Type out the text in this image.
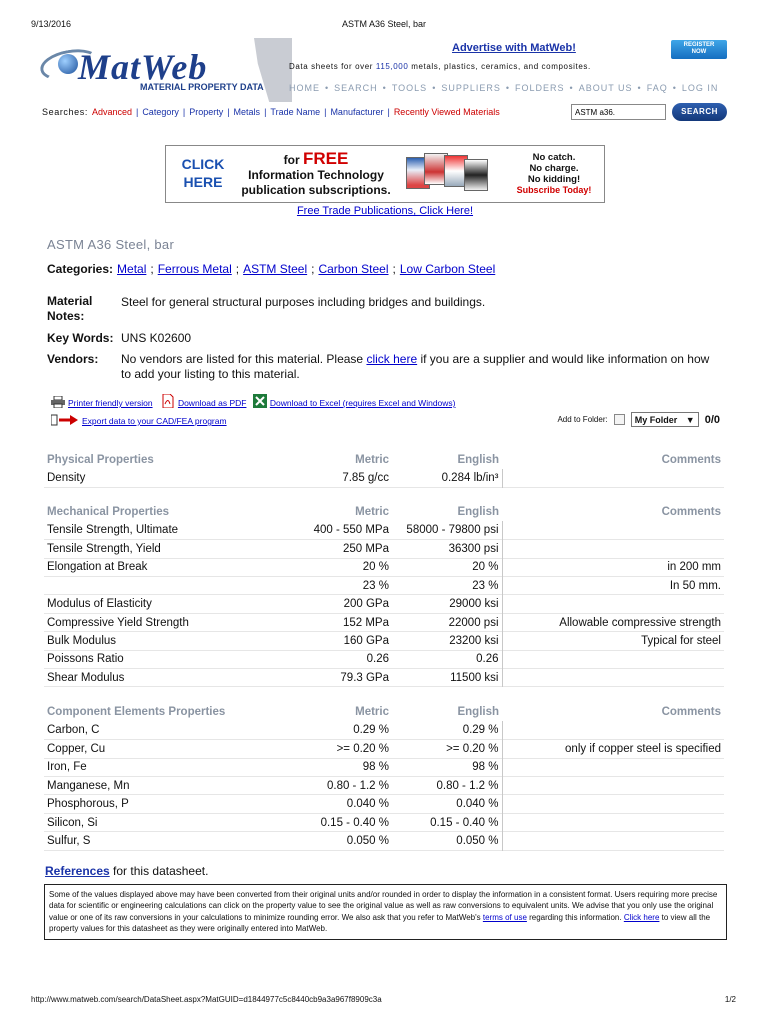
9/13/2016	ASTM A36 Steel, bar
MatWeb
MATERIAL PROPERTY DATA
Advertise with MatWeb!	REGISTER
NOW
Data sheets for over 115,000 metals, plastics, ceramics, and composites.
HOME • SEARCH • TOOLS • SUPPLIERS • FOLDERS • ABOUT US • FAQ • LOG IN
Searches: Advanced | Category | Property | Metals | Trade Name | Manufacturer | Recently Viewed Materials
ASTM a36.	SEARCH
CLICK HERE
for FREE
Information Technology
publication subscriptions.
No catch.
No charge.
No kidding!
Subscribe Today!
Free Trade Publications, Click Here!
ASTM A36 Steel, bar
Categories: Metal ; Ferrous Metal ; ASTM Steel ; Carbon Steel ; Low Carbon Steel
Material
Notes:
Steel for general structural purposes including bridges and buildings.
Key Words: UNS K02600
Vendors: No vendors are listed for this material. Please click here if you are a supplier and would like information on how
to add your listing to this material.
Printer friendly version	Download as PDF	Download to Excel (requires Excel and Windows)
Export data to your CAD/FEA program	Add to Folder:	My Folder ▼ 0/0
Physical Properties	Metric	English	Comments
Density	7.85 g/cc	0.284 lb/in³	
Mechanical Properties	Metric	English	Comments
Tensile Strength, Ultimate	400 - 550 MPa	58000 - 79800 psi	
Tensile Strength, Yield	250 MPa	36300 psi	
Elongation at Break	20 %	20 %	in 200 mm
	23 %	23 %	In 50 mm.
Modulus of Elasticity	200 GPa	29000 ksi	
Compressive Yield Strength	152 MPa	22000 psi	Allowable compressive strength
Bulk Modulus	160 GPa	23200 ksi	Typical for steel
Poissons Ratio	0.26	0.26	
Shear Modulus	79.3 GPa	11500 ksi	
Component Elements Properties	Metric	English	Comments
Carbon, C	0.29 %	0.29 %	
Copper, Cu	>= 0.20 %	>= 0.20 %	only if copper steel is specified
Iron, Fe	98 %	98 %	
Manganese, Mn	0.80 - 1.2 %	0.80 - 1.2 %	
Phosphorous, P	0.040 %	0.040 %	
Silicon, Si	0.15 - 0.40 %	0.15 - 0.40 %	
Sulfur, S	0.050 %	0.050 %	
References for this datasheet.
Some of the values displayed above may have been converted from their original units and/or rounded in order to display the information in a consistent format. Users requiring more precise data for scientific or engineering calculations can click on the property value to see the original value as well as raw conversions to equivalent units. We advise that you only use the original value or one of its raw conversions in your calculations to minimize rounding error. We also ask that you refer to MatWeb's terms of use regarding this information. Click here to view all the property values for this datasheet as they were originally entered into MatWeb.
http://www.matweb.com/search/DataSheet.aspx?MatGUID=d1844977c5c8440cb9a3a967f8909c3a	1/2
